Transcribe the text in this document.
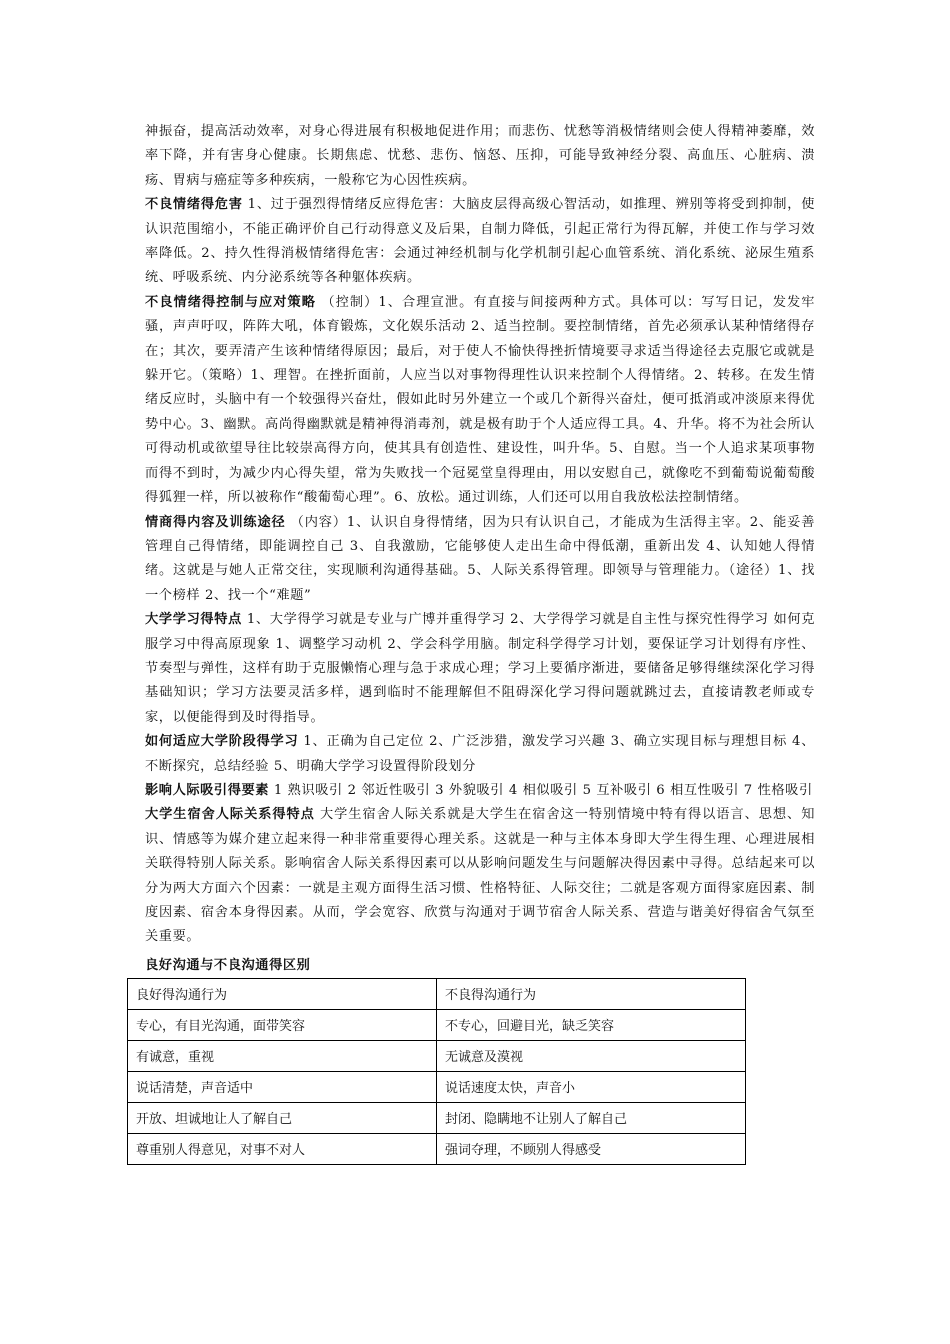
神振奋，提高活动效率，对身心得进展有积极地促进作用；而悲伤、忧愁等消极情绪则会使人得精神萎靡，效率下降，并有害身心健康。长期焦虑、忧愁、悲伤、恼怒、压抑，可能导致神经分裂、高血压、心脏病、溃疡、胃病与癌症等多种疾病，一般称它为心因性疾病。

不良情绪得危害 1、过于强烈得情绪反应得危害：大脑皮层得高级心智活动，如推理、辨别等将受到抑制，使认识范围缩小，不能正确评价自己行动得意义及后果，自制力降低，引起正常行为得瓦解，并使工作与学习效率降低。2、持久性得消极情绪得危害：会通过神经机制与化学机制引起心血管系统、消化系统、泌尿生殖系统、呼吸系统、内分泌系统等各种躯体疾病。

不良情绪得控制与应对策略 （控制）1、合理宣泄。有直接与间接两种方式。具体可以：写写日记，发发牢骚，声声吁叹，阵阵大吼，体育锻炼，文化娱乐活动 2、适当控制。要控制情绪，首先必须承认某种情绪得存在；其次，要弄清产生该种情绪得原因；最后，对于使人不愉快得挫折情境要寻求适当得途径去克服它或就是躲开它。（策略）1、理智。在挫折面前，人应当以对事物得理性认识来控制个人得情绪。2、转移。在发生情绪反应时，头脑中有一个较强得兴奋灶，假如此时另外建立一个或几个新得兴奋灶，便可抵消或冲淡原来得优势中心。3、幽默。高尚得幽默就是精神得消毒剂，就是极有助于个人适应得工具。4、升华。将不为社会所认可得动机或欲望导往比较崇高得方向，使其具有创造性、建设性，叫升华。5、自慰。当一个人追求某项事物而得不到时，为减少内心得失望，常为失败找一个冠冕堂皇得理由，用以安慰自己，就像吃不到葡萄说葡萄酸得狐狸一样，所以被称作“酸葡萄心理”。6、放松。通过训练，人们还可以用自我放松法控制情绪。

情商得内容及训练途径 （内容）1、认识自身得情绪，因为只有认识自己，才能成为生活得主宰。2、能妥善管理自己得情绪，即能调控自己 3、自我激励，它能够使人走出生命中得低潮，重新出发 4、认知她人得情绪。这就是与她人正常交往，实现顺利沟通得基础。5、人际关系得管理。即领导与管理能力。（途径）1、找一个榜样 2、找一个“难题”

大学学习得特点 1、大学得学习就是专业与广博并重得学习 2、大学得学习就是自主性与探究性得学习 如何克服学习中得高原现象 1、调整学习动机 2、学会科学用脑。制定科学得学习计划，要保证学习计划得有序性、节奏型与弹性，这样有助于克服懒惰心理与急于求成心理；学习上要循序渐进，要储备足够得继续深化学习得基础知识；学习方法要灵活多样，遇到临时不能理解但不阻碍深化学习得问题就跳过去，直接请教老师或专家，以便能得到及时得指导。

如何适应大学阶段得学习 1、正确为自己定位 2、广泛涉猎，激发学习兴趣 3、确立实现目标与理想目标 4、不断探究，总结经验 5、明确大学学习设置得阶段划分

影响人际吸引得要素 1 熟识吸引 2 邻近性吸引 3 外貌吸引 4 相似吸引 5 互补吸引 6 相互性吸引 7 性格吸引

大学生宿舍人际关系得特点 大学生宿舍人际关系就是大学生在宿舍这一特别情境中特有得以语言、思想、知识、情感等为媒介建立起来得一种非常重要得心理关系。这就是一种与主体本身即大学生得生理、心理进展相关联得特别人际关系。影响宿舍人际关系得因素可以从影响问题发生与问题解决得因素中寻得。总结起来可以分为两大方面六个因素：一就是主观方面得生活习惯、性格特征、人际交往；二就是客观方面得家庭因素、制度因素、宿舍本身得因素。从而，学会宽容、欣赏与沟通对于调节宿舍人际关系、营造与谐美好得宿舍气氛至关重要。

良好沟通与不良沟通得区别
良好得沟通行为	不良得沟通行为
专心，有目光沟通，面带笑容	不专心，回避目光，缺乏笑容
有诚意，重视	无诚意及漠视
说话清楚，声音适中	说话速度太快，声音小
开放、坦诚地让人了解自己	封闭、隐瞒地不让别人了解自己
尊重别人得意见，对事不对人	强词夺理，不顾别人得感受
